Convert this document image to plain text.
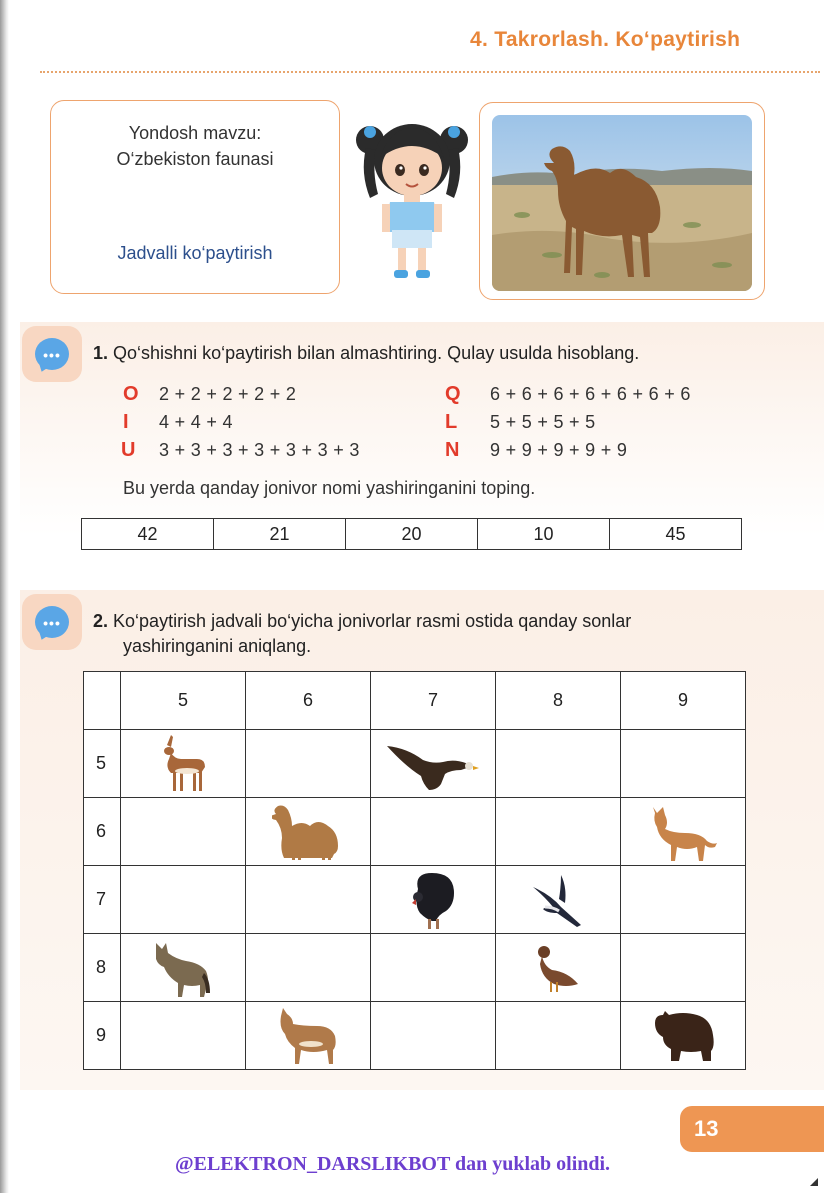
4. Takrorlash. Ko‘paytirish
Yondosh mavzu:
O‘zbekiston faunasi
Jadvalli ko‘paytirish
•••	1. Qo‘shishni ko‘paytirish bilan almashtiring. Qulay usulda hisoblang.
O 2 + 2 + 2 + 2 + 2
I 4 + 4 + 4
U 3 + 3 + 3 + 3 + 3 + 3 + 3
Q 6 + 6 + 6 + 6 + 6 + 6 + 6
L 5 + 5 + 5 + 5
N 9 + 9 + 9 + 9 + 9
Bu yerda qanday jonivor nomi yashiringanini toping.
42	21	20	10	45
•••	2. Ko‘paytirish jadvali bo‘yicha jonivorlar rasmi ostida qanday sonlar
yashiringanini aniqlang.
	5	6	7	8	9
5	

6		

7			

8	

9		

13
@ELEKTRON_DARSLIKBOT dan yuklab olindi.
